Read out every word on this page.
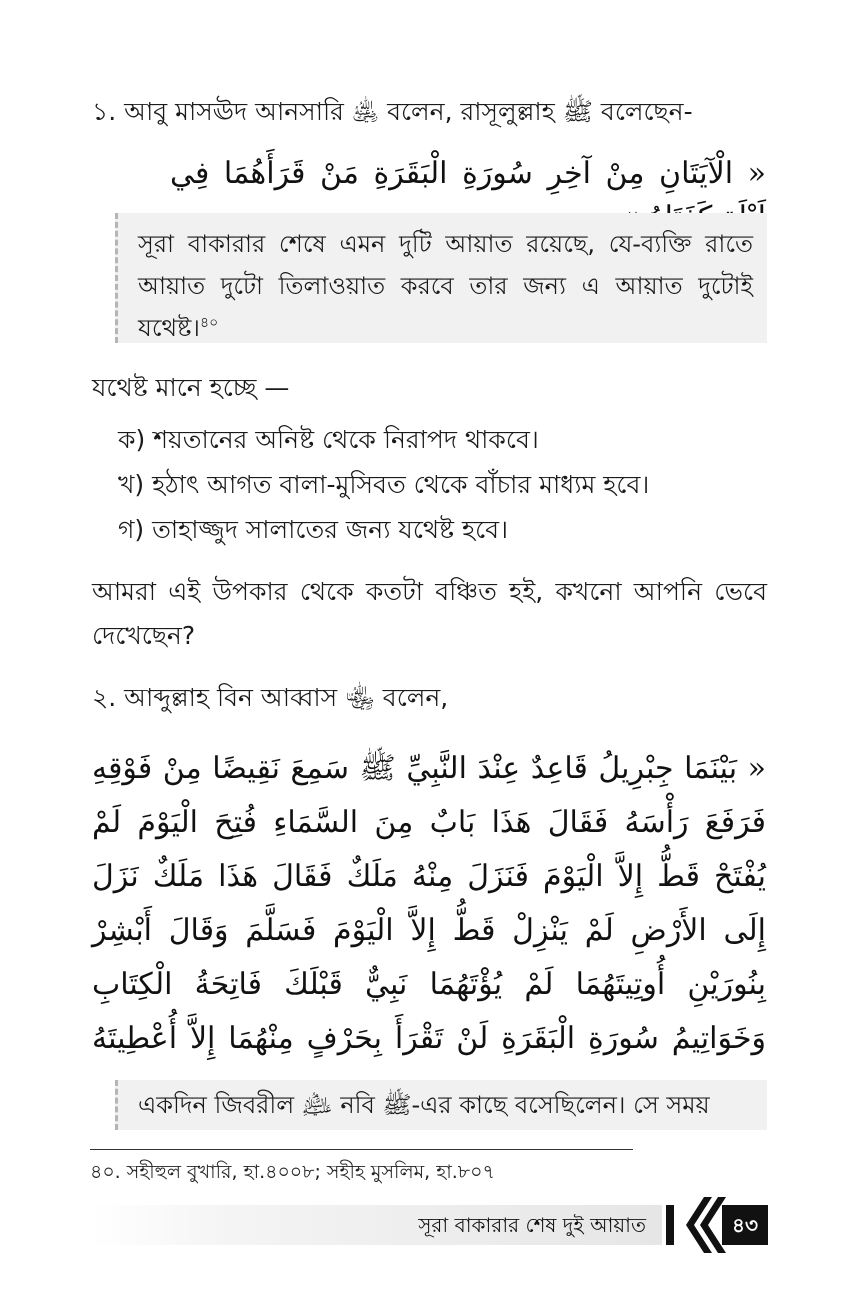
১. আবু মাসঊদ আনসারি ﵁ বলেন, রাসূলুল্লাহ ﷺ বলেছেন-
« الْآيَتَانِ مِنْ آخِرِ سُورَةِ الْبَقَرَةِ مَنْ قَرَأَهُمَا فِي
সূরা বাকারার শেষে এমন দুটি আয়াত রয়েছে, যে-ব্যক্তি রাতে আয়াত দুটো তিলাওয়াত করবে তার জন্য এ আয়াত দুটোই যথেষ্ট।$^{৪০}$
যথেষ্ট মানে হচ্ছে —
ক) শয়তানের অনিষ্ট থেকে নিরাপদ থাকবে।
খ) হঠাৎ আগত বালা-মুসিবত থেকে বাঁচার মাধ্যম হবে।
গ) তাহাজ্জুদ সালাতের জন্য যথেষ্ট হবে।
আমরা এই উপকার থেকে কতটা বঞ্চিত হই, কখনো আপনি ভেবে
দেখেছেন?
২. আব্দুল্লাহ বিন আব্বাস ﵄ বলেন,
« بَيْنَمَا جِبْرِيلُ قَاعِدٌ عِنْدَ النَّبِيِّ ﷺ سَمِعَ نَقِيضًا مِنْ فَوْقِهِ فَرَفَعَ رَأْسَهُ فَقَالَ هَذَا بَابٌ مِنَ السَّمَاءِ فُتِحَ الْيَوْمَ لَمْ يُفْتَحْ قَطُّ إِلاَّ الْيَوْمَ فَنَزَلَ مِنْهُ مَلَكٌ فَقَالَ هَذَا مَلَكٌ نَزَلَ إِلَى الأَرْضِ لَمْ يَنْزِلْ قَطُّ إِلاَّ الْيَوْمَ فَسَلَّمَ وَقَالَ أَبْشِرْ بِنُورَيْنِ أُوتِيتَهُمَا لَمْ يُؤْتَهُمَا نَبِيٌّ قَبْلَكَ فَاتِحَةُ الْكِتَابِ وَخَوَاتِيمُ سُورَةِ الْبَقَرَةِ لَنْ تَقْرَأَ بِحَرْفٍ مِنْهُمَا إِلاَّ أُعْطِيتَهُ
একদিন জিবরীল ﵇ নবি ﷺ-এর কাছে বসেছিলেন। সে সময়
৪০. সহীহুল বুখারি, হা.৪০০৮; সহীহ মুসলিম, হা.৮০৭
সূরা বাকারার শেষ দুই আয়াত	৪৩
